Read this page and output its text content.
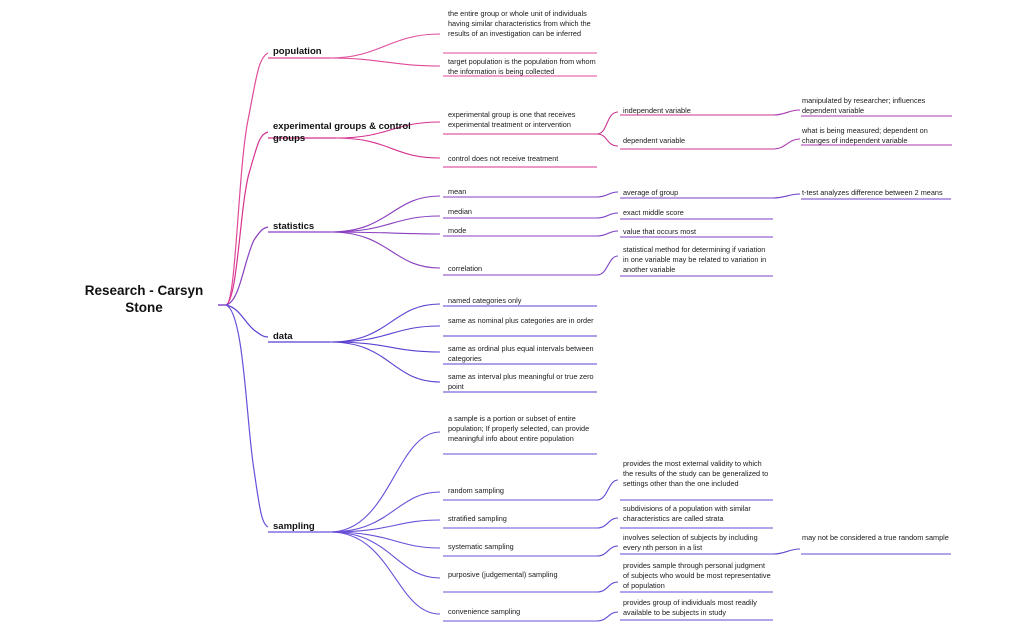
Research - Carsyn Stone
population
the entire group or whole unit of individuals having similar characteristics from which the results of an investigation can be inferred
target population is the population from whom the information is being collected
experimental groups & control groups
experimental group is one that receives experimental treatment or intervention
control does not receive treatment
independent variable
dependent variable
manipulated by researcher; influences dependent variable
what is being measured; dependent on changes of independent variable
statistics
mean
median
mode
correlation
average of group
exact middle score
value that occurs most
statistical method for determining if variation in one variable may be related to variation in another variable
t-test analyzes difference between 2 means
data
named categories only
same as nominal plus categories are in order
same as ordinal plus equal intervals between categories
same as interval plus meaningful or true zero point
sampling
a sample is a portion or subset of entire population; If properly selected, can provide meaningful info about entire population
random sampling
stratified sampling
systematic sampling
purposive (judgemental) sampling
convenience sampling
provides the most external validity to which the results of the study can be generalized to settings other than the one included
subdivisions of a population with similar characteristics are called strata
involves selection of subjects by including every nth person in a list
provides sample through personal judgment of subjects who would be most representative of population
provides group of individuals most readily available to be subjects in study
may not be considered a true random sample
